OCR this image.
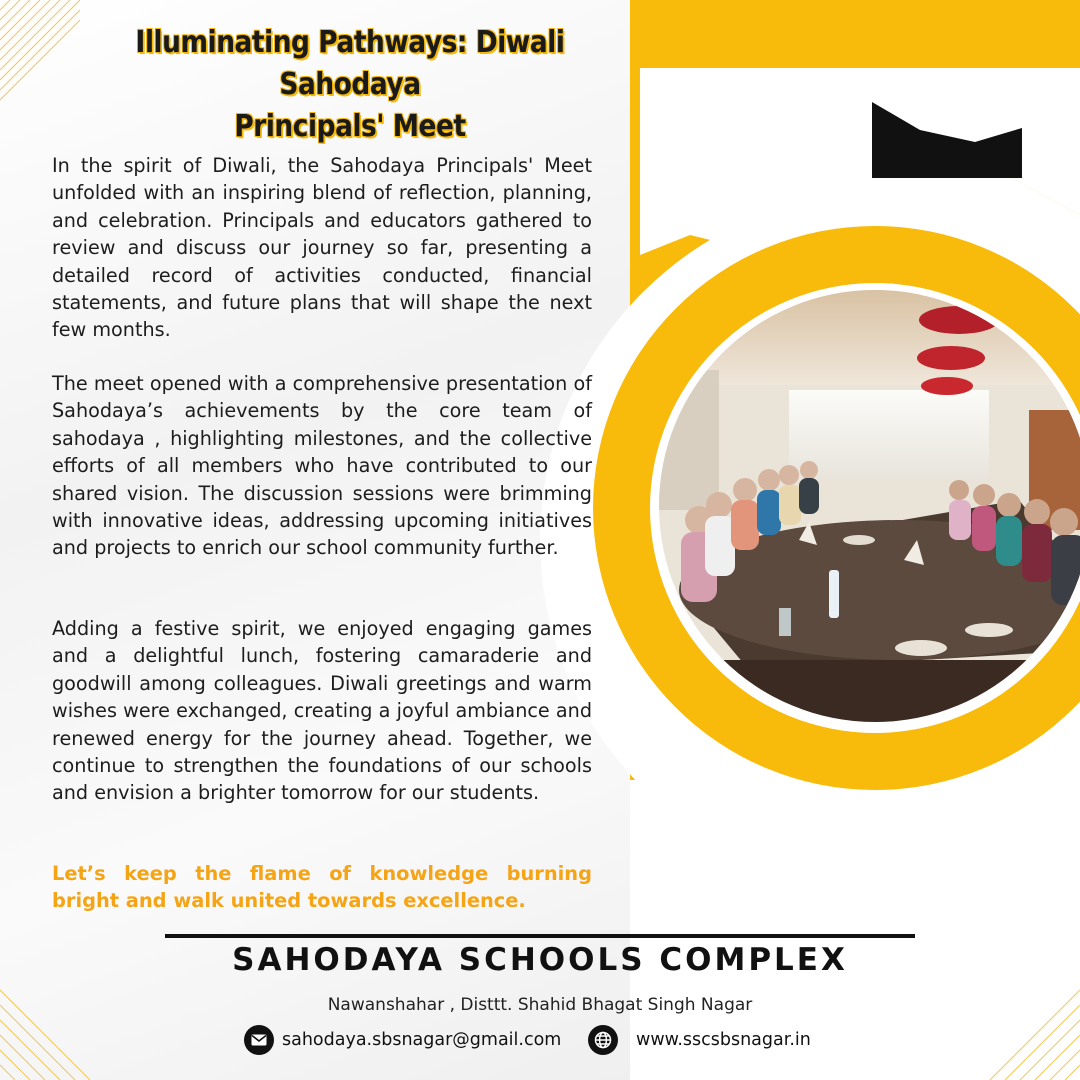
Illuminating Pathways: Diwali Sahodaya
Principals' Meet

In the spirit of Diwali, the Sahodaya Principals' Meet unfolded with an inspiring blend of reflection, planning, and celebration. Principals and educators gathered to review and discuss our journey so far, presenting a detailed record of activities conducted, financial statements, and future plans that will shape the next few months.

The meet opened with a comprehensive presentation of Sahodaya’s achievements by the core team of sahodaya , highlighting milestones, and the collective efforts of all members who have contributed to our shared vision. The discussion sessions were brimming with innovative ideas, addressing upcoming initiatives and projects to enrich our school community further.

Adding a festive spirit, we enjoyed engaging games and a delightful lunch, fostering camaraderie and goodwill among colleagues. Diwali greetings and warm wishes were exchanged, creating a joyful ambiance and renewed energy for the journey ahead. Together, we continue to strengthen the foundations of our schools and envision a brighter tomorrow for our students.

Let’s keep the flame of knowledge burning bright and walk united towards excellence.

SAHODAYA SCHOOLS COMPLEX
Nawanshahar , Disttt. Shahid Bhagat Singh Nagar
sahodaya.sbsnagar@gmail.com	www.sscsbsnagar.in
